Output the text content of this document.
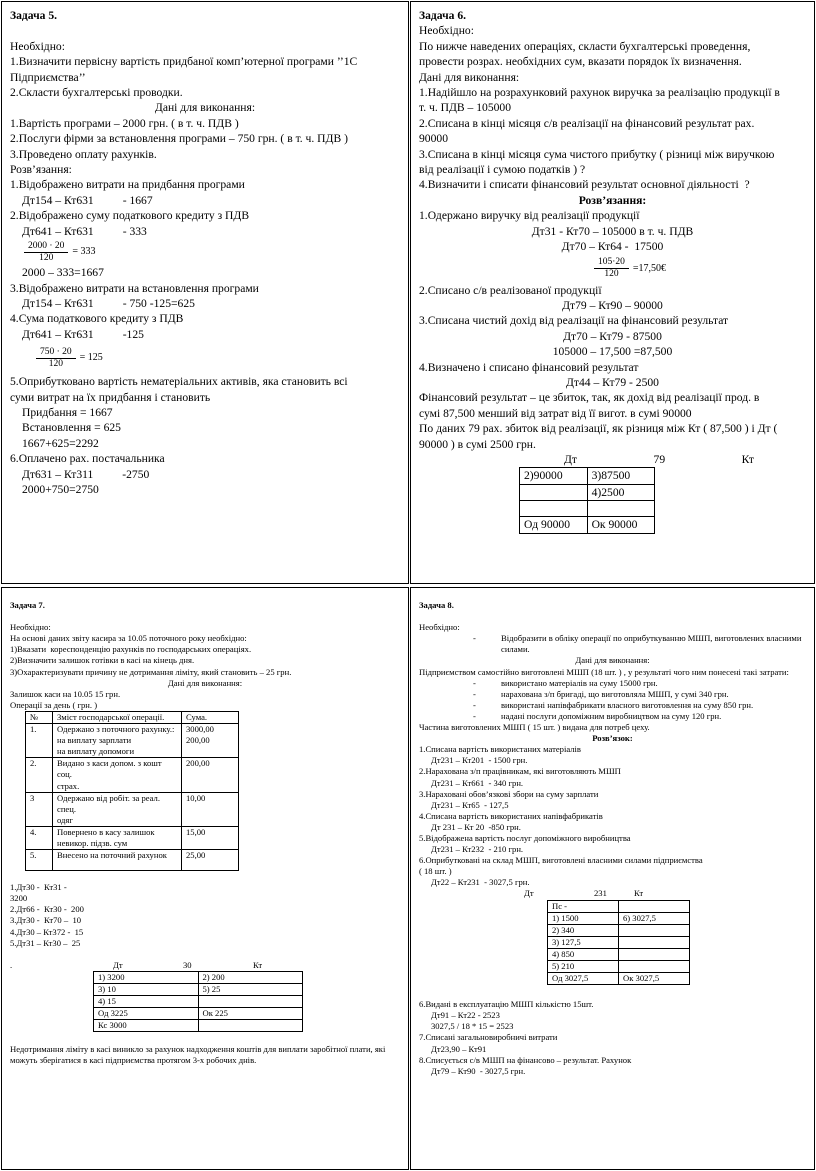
Задача 5.

Необхідно:
1.Визначити первісну вартість придбаної комп’ютерної програми ’’1С
Підприємства’’
2.Скласти бухгалтерські проводки.
Дані для виконання:
1.Вартість програми – 2000 грн. ( в т. ч. ПДВ )
2.Послуги фірми за встановлення програми – 750 грн. ( в т. ч. ПДВ )
3.Проведено оплату рахунків.
Розв’язання:
1.Відображено витрати на придбання програми
Дт154 – Кт631          - 1667
2.Відображено суму податкового кредиту з ПДВ
Дт641 – Кт631          - 333
$\frac{2000 \cdot 20}{120} = 333$
2000 – 333=1667
3.Відображено витрати на встановлення програми
Дт154 – Кт631          - 750 -125=625
4.Сума податкового кредиту з ПДВ
Дт641 – Кт631          -125
$\frac{750 \cdot 20}{120} = 125$
5.Оприбутковано вартість нематеріальних активів, яка становить всі
суми витрат на їх придбання і становить
Придбання = 1667
Встановлення = 625
1667+625=2292
6.Оплачено рах. постачальника
Дт631 – Кт311          -2750
2000+750=2750
Задача 6.
Необхідно:
По нижче наведених операціях, скласти бухгалтерські проведення,
провести розрах. необхідних сум, вказати порядок їх визначення.
Дані для виконання:
1.Надійшло на розрахунковий рахунок виручка за реалізацію продукції в
т. ч. ПДВ – 105000
2.Списана в кінці місяця с/в реалізації на фінансовий результат рах.
90000
3.Списана в кінці місяця сума чистого прибутку ( різниці між виручкою
від реалізації і сумою податків ) ?
4.Визначити і списати фінансовий результат основної діяльності  ?
Розв’язання:
1.Одержано виручку від реалізації продукції
Дт31 - Кт70 – 105000 в т. ч. ПДВ
Дт70 – Кт64 -  17500
$\frac{105\cdot 20}{120}$ =17,50€
2.Списано с/в реалізованої продукції
Дт79 – Кт90 – 90000
3.Списана чистий дохід від реалізації на фінансовий результат
Дт70 – Кт79 - 87500
105000 – 17,500 =87,500
4.Визначено і списано фінансовий результат
Дт44 – Кт79 - 2500
Фінансовий результат – це збиток, так, як дохід від реалізації прод. в
сумі 87,500 менший від затрат від її вигот. в сумі 90000
По даних 79 рах. збиток від реалізації, як різниця між Кт ( 87,500 ) і Дт (
90000 ) в сумі 2500 грн.
Дт	79	Кт
2)90000	3)87500
	4)2500

Од 90000	Ок 90000
Задача 7.

Необхідно:
На основі даних звіту касира за 10.05 поточного року необхідно:
1)Вказати  кореспонденцію рахунків по господарських операціях.
2)Визначити залишок готівки в касі на кінець дня.
3)Охарактеризувати причину не дотримання ліміту, який становить – 25 грн.
Дані для виконання:
Залишок каси на 10.05 15 грн.
Операції за день ( грн. )
№	Зміст господарської операції.	Сума.
1.	Одержано з поточного рахунку.:
на виплату зарплати
на виплату допомоги	3000,00
200,00
2.	Видано з каси допом. з кошт соц.
страх.	200,00
3	Одержано від робіт. за реал. спец.
одяг	10,00
4.	Повернено в касу залишок
невикор. підзв. сум	15,00
5.	Внесено на поточний рахунок	25,00

1.Дт30 -  Кт31 -
3200
2.Дт66 -  Кт30 -  200
3.Дт30 -  Кт70 –  10
4.Дт30 – Кт372 -  15
5.Дт31 – Кт30 –  25

.	Дт	30	Кт
1) 3200	2) 200
3) 10	5) 25
4) 15	
Од 3225	Ок 225
Кс 3000	
Недотримання ліміту в касі виникло за рахунок надходження коштів для виплати заробітної плати, які можуть зберігатися в касі підприємства протягом 3-х робочих днів.
Задача 8.

Необхідно:
- Відобразити в обліку операції по оприбуткуванню МШП, виготовлених власними силами.
Дані для виконання:
Підприємством самостійно виготовлені МШП (18 шт. ) , у результаті чого ним понесені такі затрати:
- використано матеріалів на суму 15000 грн.
- нарахована з/п бригаді, що виготовляла МШП, у сумі 340 грн.
- використані напівфабрикати власного виготовлення на суму 850 грн.
- надані послуги допоміжним виробництвом на суму 120 грн.
Частина виготовлених МШП ( 15 шт. ) видана для потреб цеху.
Розв’язок:
1.Списана вартість використаних матеріалів
Дт231 – Кт201  - 1500 грн.
2.Нарахована з/п працівникам, які виготовляють МШП
Дт231 – Кт661  - 340 грн.
3.Нараховані обов’язкові збори на суму зарплати
Дт231 – Кт65  - 127,5
4.Списана вартість використаних напівфабрикатів
Дт 231 – Кт 20  -850 грн.
5.Відображена вартість послуг допоміжного виробництва
Дт231 – Кт232  - 210 грн.
6.Оприбутковані на склад МШП, виготовлені власними силами підприємства
( 18 шт. )
Дт22 – Кт231  - 3027,5 грн.
Дт	231	Кт
Пс -	
1) 1500	6) 3027,5
2) 340	
3) 127,5	
4) 850	
5) 210	
Од 3027,5	Ок 3027,5
6.Видані в експлуатацію МШП кількістю 15шт.
Дт91 – Кт22 - 2523
3027,5 / 18 * 15 = 2523
7.Списані загальновиробничі витрати
Дт23,90 – Кт91
8.Списується с/в МШП на фінансово – результат. Рахунок
Дт79 – Кт90  - 3027,5 грн.
